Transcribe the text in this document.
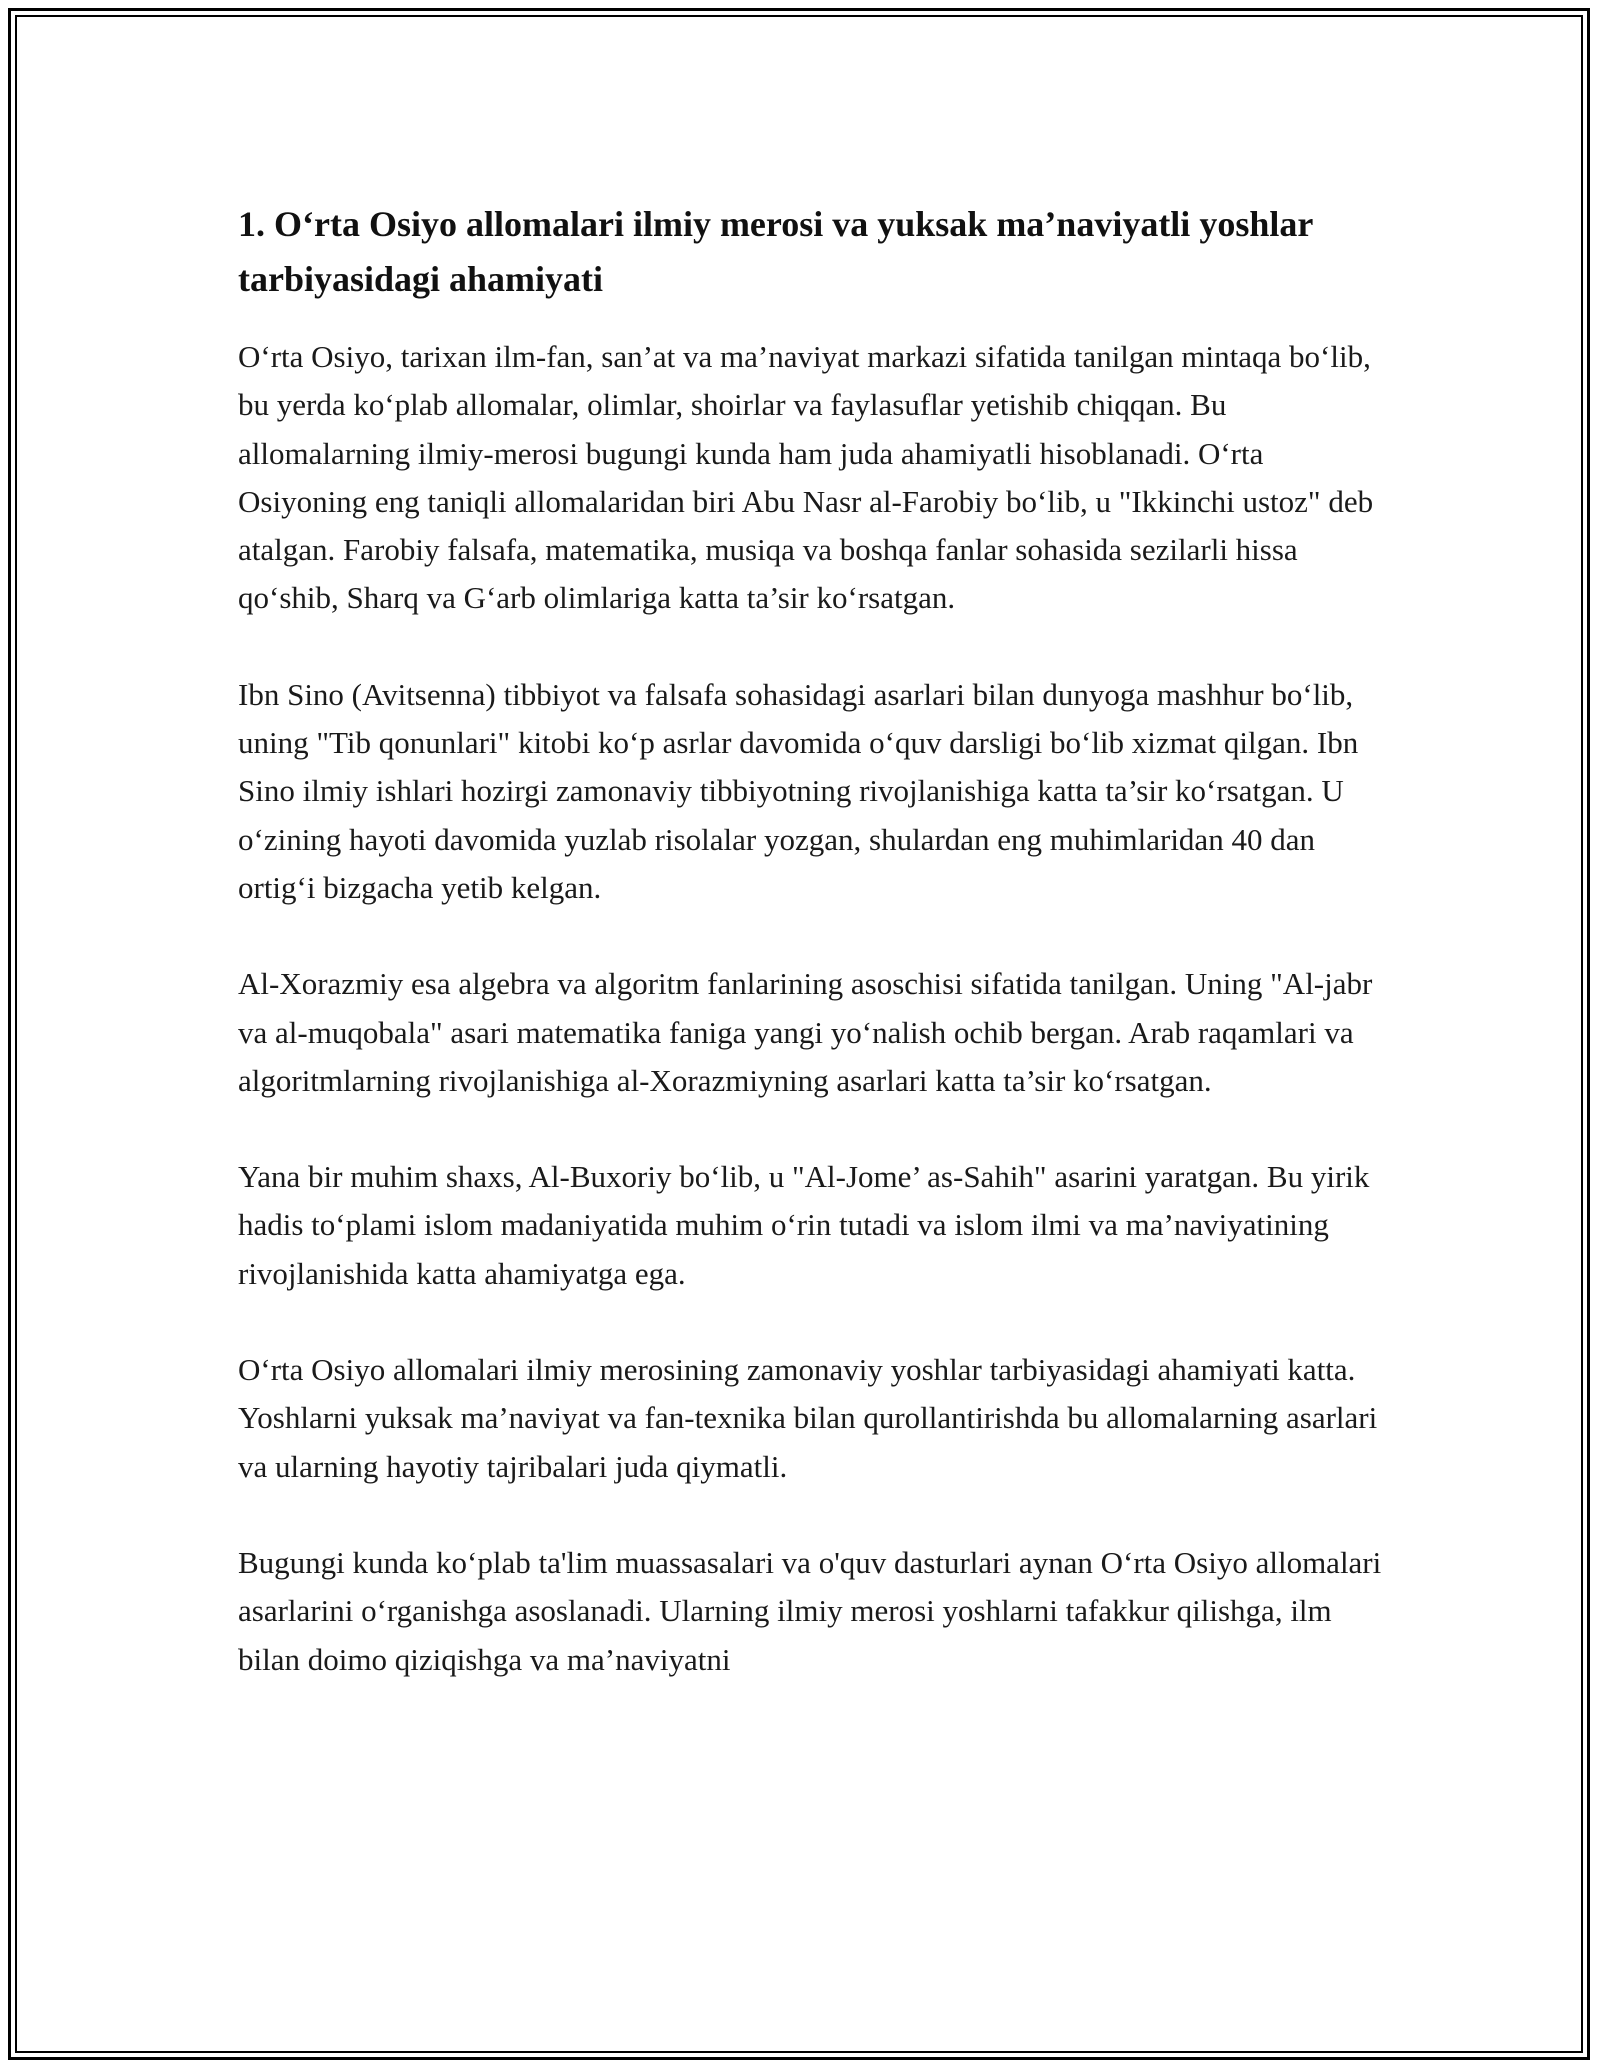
1. O‘rta Osiyo allomalari ilmiy merosi va yuksak ma’naviyatli yoshlar tarbiyasidagi ahamiyati

O‘rta Osiyo, tarixan ilm-fan, san’at va ma’naviyat markazi sifatida tanilgan mintaqa bo‘lib, bu yerda ko‘plab allomalar, olimlar, shoirlar va faylasuflar yetishib chiqqan. Bu allomalarning ilmiy-merosi bugungi kunda ham juda ahamiyatli hisoblanadi. O‘rta Osiyoning eng taniqli allomalaridan biri Abu Nasr al-Farobiy bo‘lib, u "Ikkinchi ustoz" deb atalgan. Farobiy falsafa, matematika, musiqa va boshqa fanlar sohasida sezilarli hissa qo‘shib, Sharq va G‘arb olimlariga katta ta’sir ko‘rsatgan.

Ibn Sino (Avitsenna) tibbiyot va falsafa sohasidagi asarlari bilan dunyoga mashhur bo‘lib, uning "Tib qonunlari" kitobi ko‘p asrlar davomida o‘quv darsligi bo‘lib xizmat qilgan. Ibn Sino ilmiy ishlari hozirgi zamonaviy tibbiyotning rivojlanishiga katta ta’sir ko‘rsatgan. U o‘zining hayoti davomida yuzlab risolalar yozgan, shulardan eng muhimlaridan 40 dan ortig‘i bizgacha yetib kelgan.

Al-Xorazmiy esa algebra va algoritm fanlarining asoschisi sifatida tanilgan. Uning "Al-jabr va al-muqobala" asari matematika faniga yangi yo‘nalish ochib bergan. Arab raqamlari va algoritmlarning rivojlanishiga al-Xorazmiyning asarlari katta ta’sir ko‘rsatgan.

Yana bir muhim shaxs, Al-Buxoriy bo‘lib, u "Al-Jome’ as-Sahih" asarini yaratgan. Bu yirik hadis to‘plami islom madaniyatida muhim o‘rin tutadi va islom ilmi va ma’naviyatining rivojlanishida katta ahamiyatga ega.

O‘rta Osiyo allomalari ilmiy merosining zamonaviy yoshlar tarbiyasidagi ahamiyati katta. Yoshlarni yuksak ma’naviyat va fan-texnika bilan qurollantirishda bu allomalarning asarlari va ularning hayotiy tajribalari juda qiymatli.

Bugungi kunda ko‘plab ta'lim muassasalari va o'quv dasturlari aynan O‘rta Osiyo allomalari asarlarini o‘rganishga asoslanadi. Ularning ilmiy merosi yoshlarni tafakkur qilishga, ilm bilan doimo qiziqishga va ma’naviyatni
